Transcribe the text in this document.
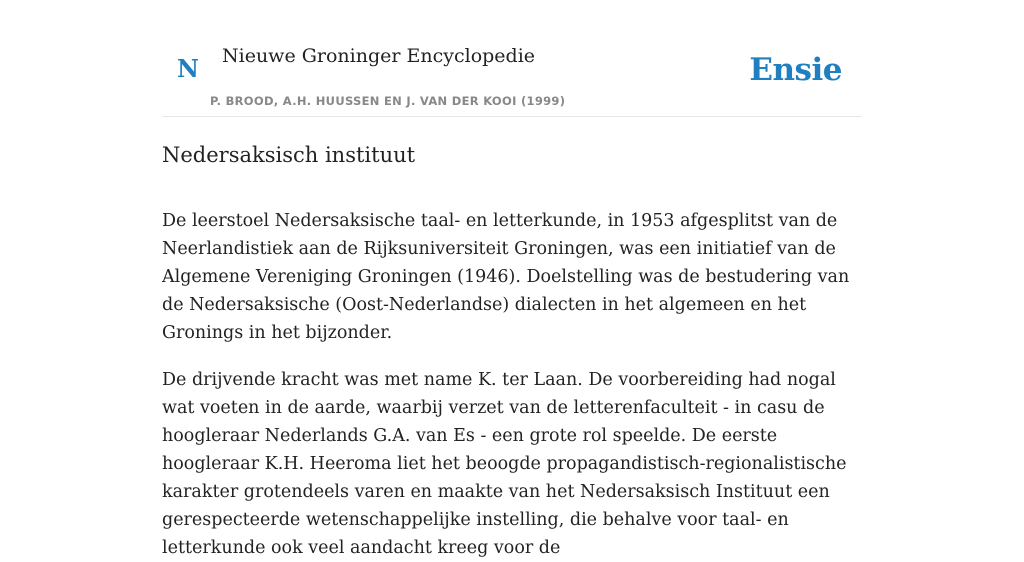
N Nieuwe Groninger Encyclopedie
P. BROOD, A.H. HUUSSEN EN J. VAN DER KOOI (1999)
Ensie
Nedersaksisch instituut

De leerstoel Nedersaksische taal- en letterkunde, in 1953 afgesplitst van de Neerlandistiek aan de Rijksuniversiteit Groningen, was een initiatief van de Algemene Vereniging Groningen (1946). Doelstelling was de bestudering van de Nedersaksische (Oost-Nederlandse) dialecten in het algemeen en het Gronings in het bijzonder.

De drijvende kracht was met name K. ter Laan. De voorbereiding had nogal wat voeten in de aarde, waarbij verzet van de letterenfaculteit - in casu de hoogleraar Nederlands G.A. van Es - een grote rol speelde. De eerste hoogleraar K.H. Heeroma liet het beoogde propagandistisch-regionalistische karakter grotendeels varen en maakte van het Nedersaksisch Instituut een gerespecteerde wetenschappelijke instelling, die behalve voor taal- en letterkunde ook veel aandacht kreeg voor de
